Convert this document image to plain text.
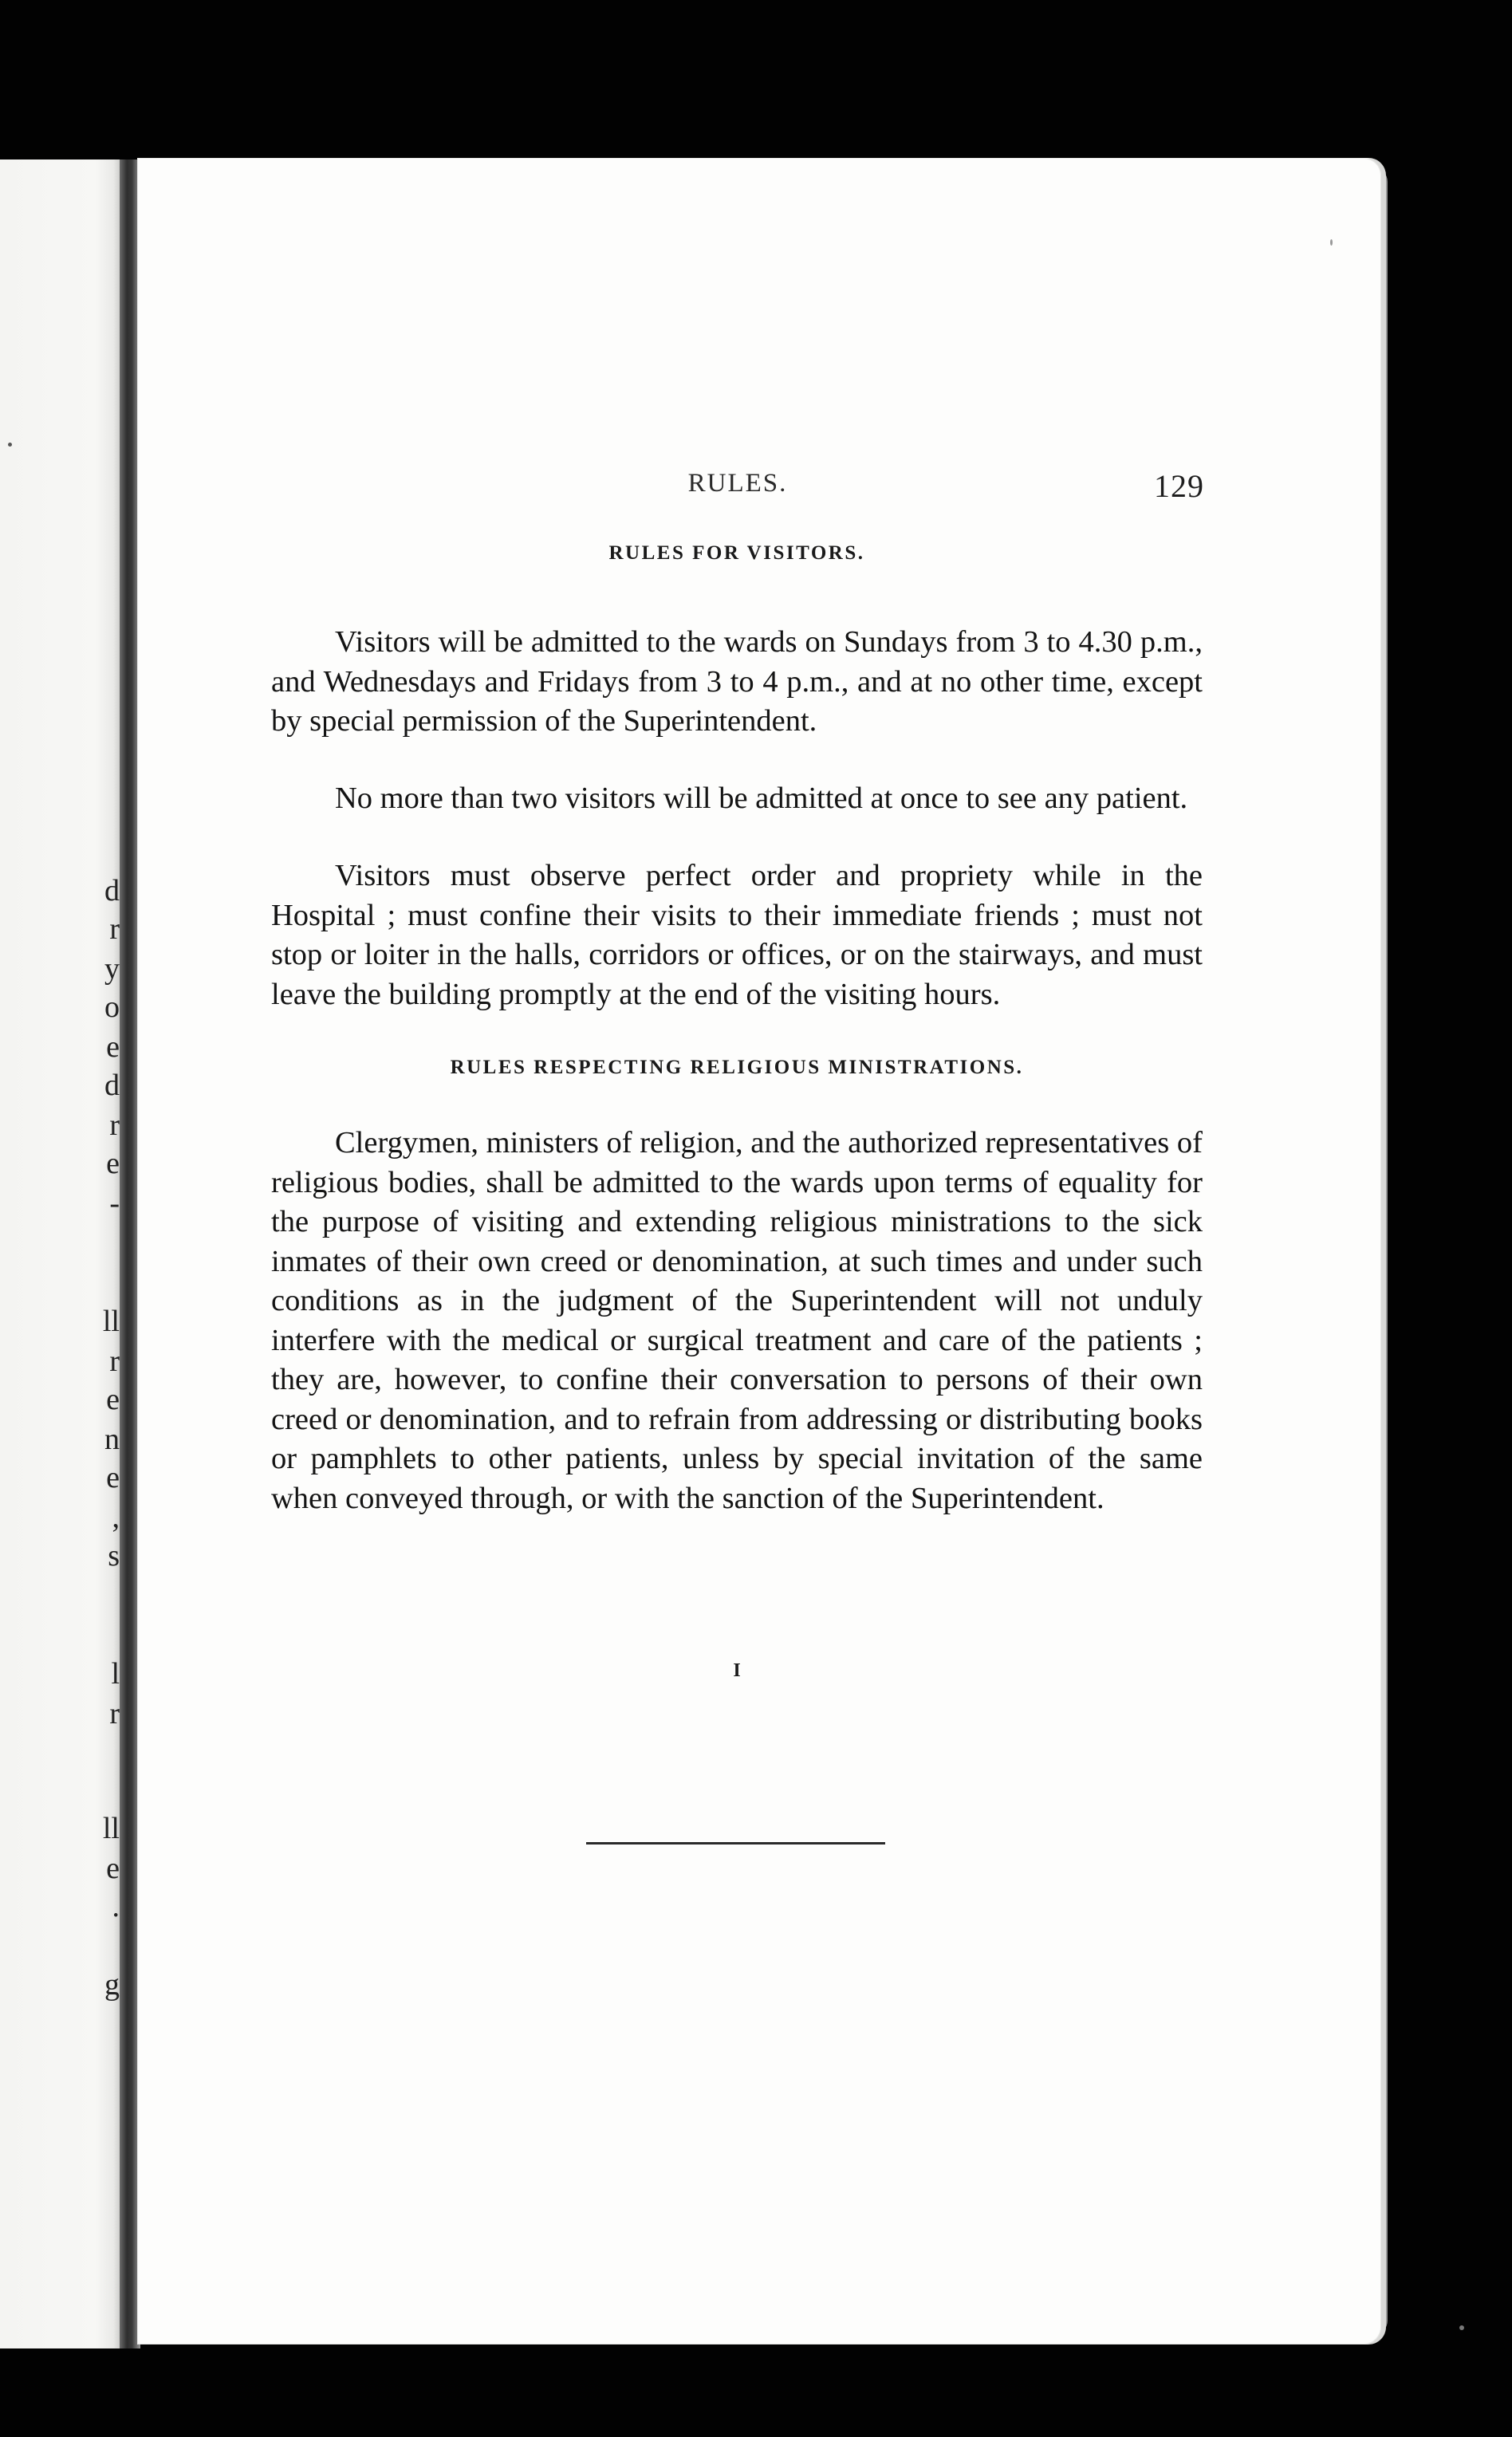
d
r
y
o
e
d
r
e
-
ll
r
e
n
e
,
s
l
r
ll
e
.
g
RULES.	129
RULES FOR VISITORS.

Visitors will be admitted to the wards on Sundays from 3 to 4.30 p.m., and Wednesdays and Fridays from 3 to 4 p.m., and at no other time, except by special permission of the Superintendent.

No more than two visitors will be admitted at once to see any patient.

Visitors must observe perfect order and propriety while in the Hospital ; must confine their visits to their immediate friends ; must not stop or loiter in the halls, corridors or offices, or on the stairways, and must leave the building promptly at the end of the visiting hours.

RULES RESPECTING RELIGIOUS MINISTRATIONS.

Clergymen, ministers of religion, and the authorized representatives of religious bodies, shall be admitted to the wards upon terms of equality for the purpose of visiting and extending religious ministrations to the sick inmates of their own creed or denomination, at such times and under such conditions as in the judgment of the Superintendent will not unduly interfere with the medical or surgical treatment and care of the patients ; they are, however, to confine their conversation to persons of their own creed or denomination, and to refrain from addressing or distributing books or pamphlets to other patients, unless by special invitation of the same when conveyed through, or with the sanction of the Superintendent.

I
